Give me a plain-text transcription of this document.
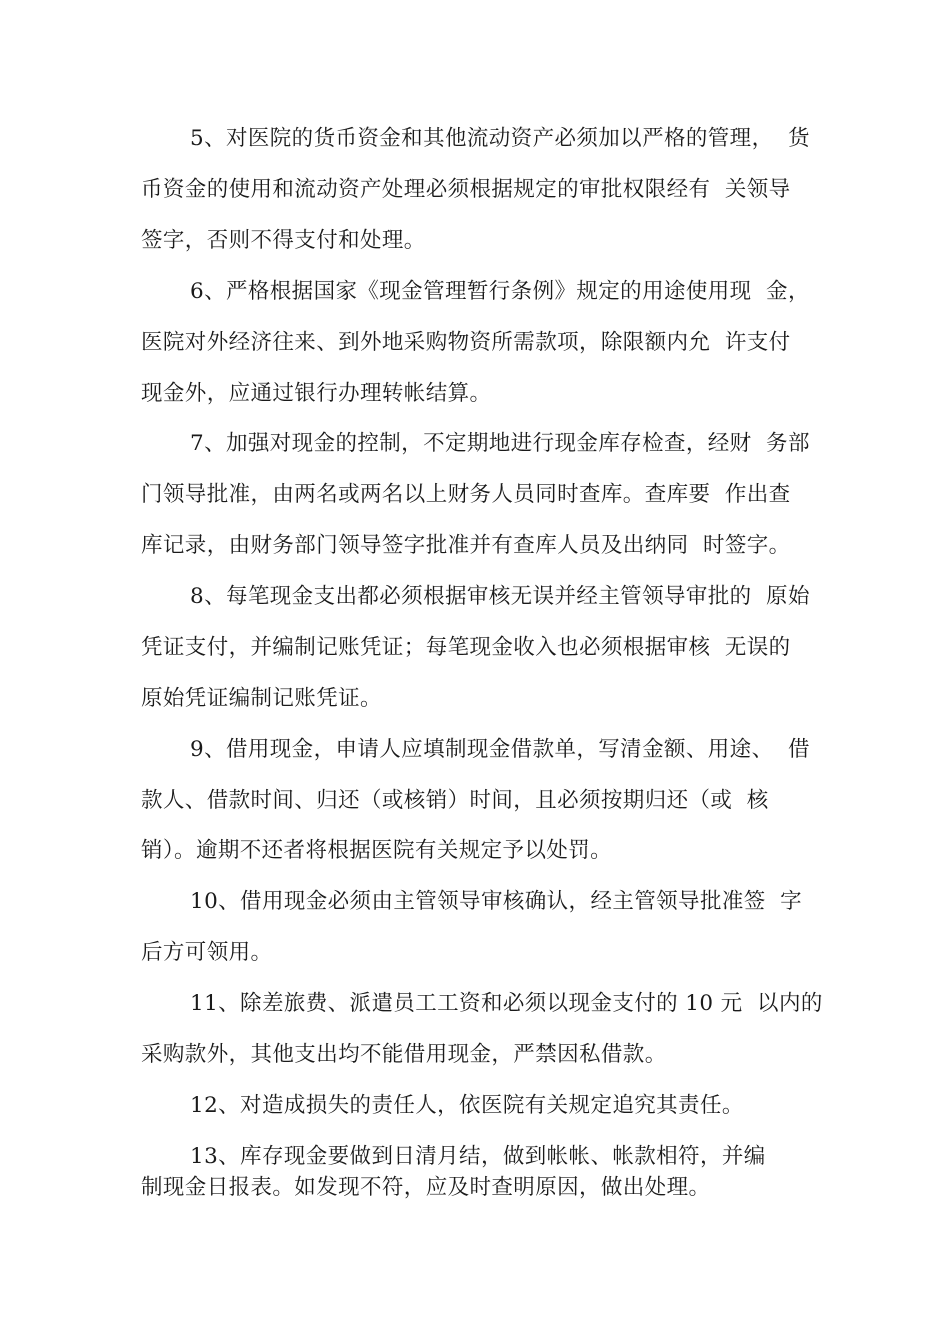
5、对医院的货币资金和其他流动资产必须加以严格的管理，  货
币资金的使用和流动资产处理必须根据规定的审批权限经有  关领导
签字，否则不得支付和处理。
6、严格根据国家《现金管理暂行条例》规定的用途使用现  金，
医院对外经济往来、到外地采购物资所需款项，除限额内允  许支付
现金外，应通过银行办理转帐结算。
7、加强对现金的控制，不定期地进行现金库存检查，经财  务部
门领导批准，由两名或两名以上财务人员同时查库。查库要  作出查
库记录，由财务部门领导签字批准并有查库人员及出纳同  时签字。
8、每笔现金支出都必须根据审核无误并经主管领导审批的  原始
凭证支付，并编制记账凭证；每笔现金收入也必须根据审核  无误的
原始凭证编制记账凭证。
9、借用现金，申请人应填制现金借款单，写清金额、用途、  借
款人、借款时间、归还（或核销）时间，且必须按期归还（或  核
销）。逾期不还者将根据医院有关规定予以处罚。
10、借用现金必须由主管领导审核确认，经主管领导批准签  字
后方可领用。
11、除差旅费、派遣员工工资和必须以现金支付的 10 元  以内的
采购款外，其他支出均不能借用现金，严禁因私借款。
12、对造成损失的责任人，依医院有关规定追究其责任。
13、库存现金要做到日清月结，做到帐帐、帐款相符，并编
制现金日报表。如发现不符，应及时查明原因，做出处理。
